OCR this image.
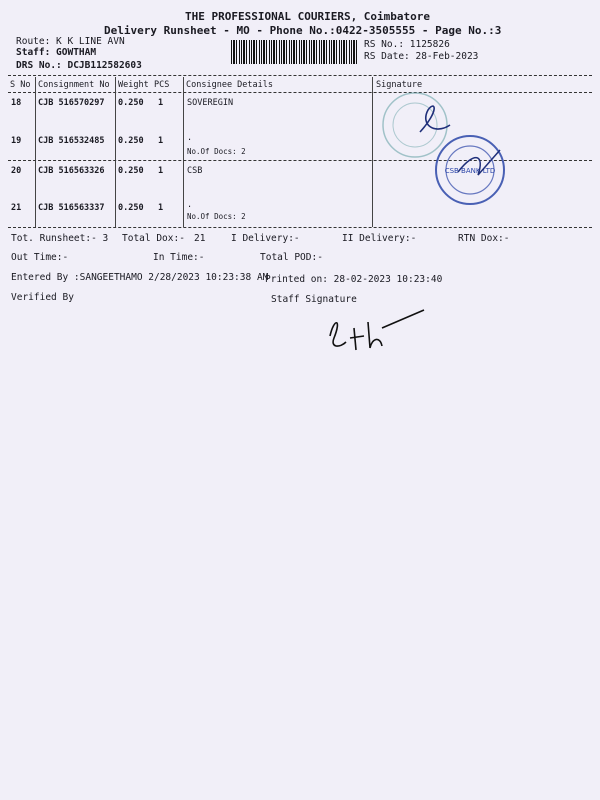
THE PROFESSIONAL COURIERS, Coimbatore
Delivery Runsheet - MO - Phone No.:0422-3505555 - Page No.:3
Route: K K LINE AVN
Staff: GOWTHAM
DRS No.: DCJB112582603
RS No.: 1125826
RS Date: 28-Feb-2023
S No Consignment No Weight PCS Consignee Details	Signature
18 CJB 516570297 0.250 1	SOVEREGIN
19 CJB 516532485 0.250 1	.
No.Of Docs: 2
20 CJB 516563326 0.250 1	CSB
21 CJB 516563337 0.250 1	.
No.Of Docs: 2
CSB BANK LTD
Tot. Runsheet:- 3 Total Dox:- 21	I Delivery:-	II Delivery:-	RTN Dox:-
Out Time:-	In Time:-	Total POD:-
Entered By :SANGEETHAMO 2/28/2023 10:23:38 AM
Printed on: 28-02-2023 10:23:40
Verified By	Staff Signature
